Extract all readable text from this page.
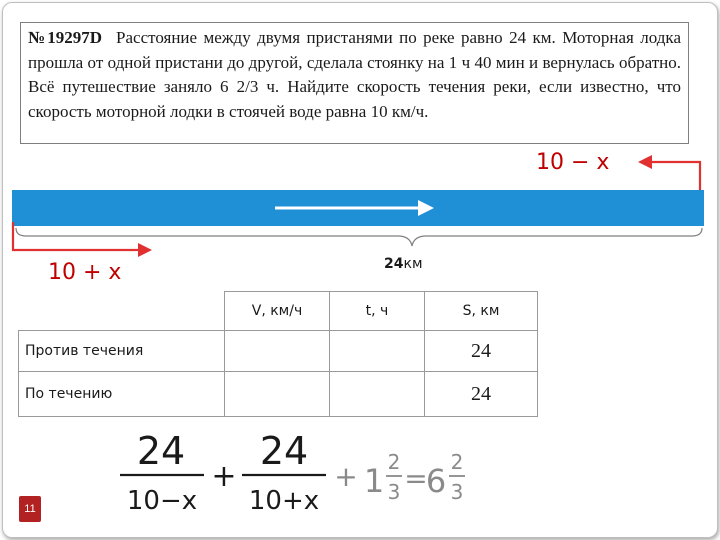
№19297D Расстояние между двумя пристанями по реке равно 24 км. Моторная лодка прошла от одной пристани до другой, сделала стоянку на 1 ч 40 мин и вернулась обратно. Всё путешествие заняло 6 2/3 ч. Найдите скорость течения реки, если известно, что скорость моторной лодки в стоячей воде равна 10 км/ч.
10 − x
10 + x	24км
	V, км/ч	t, ч	S, км
Против течения			24
По течению			24
24
10−x
+
24
10+x
+ 1 2
3 =
6 2
3
11
